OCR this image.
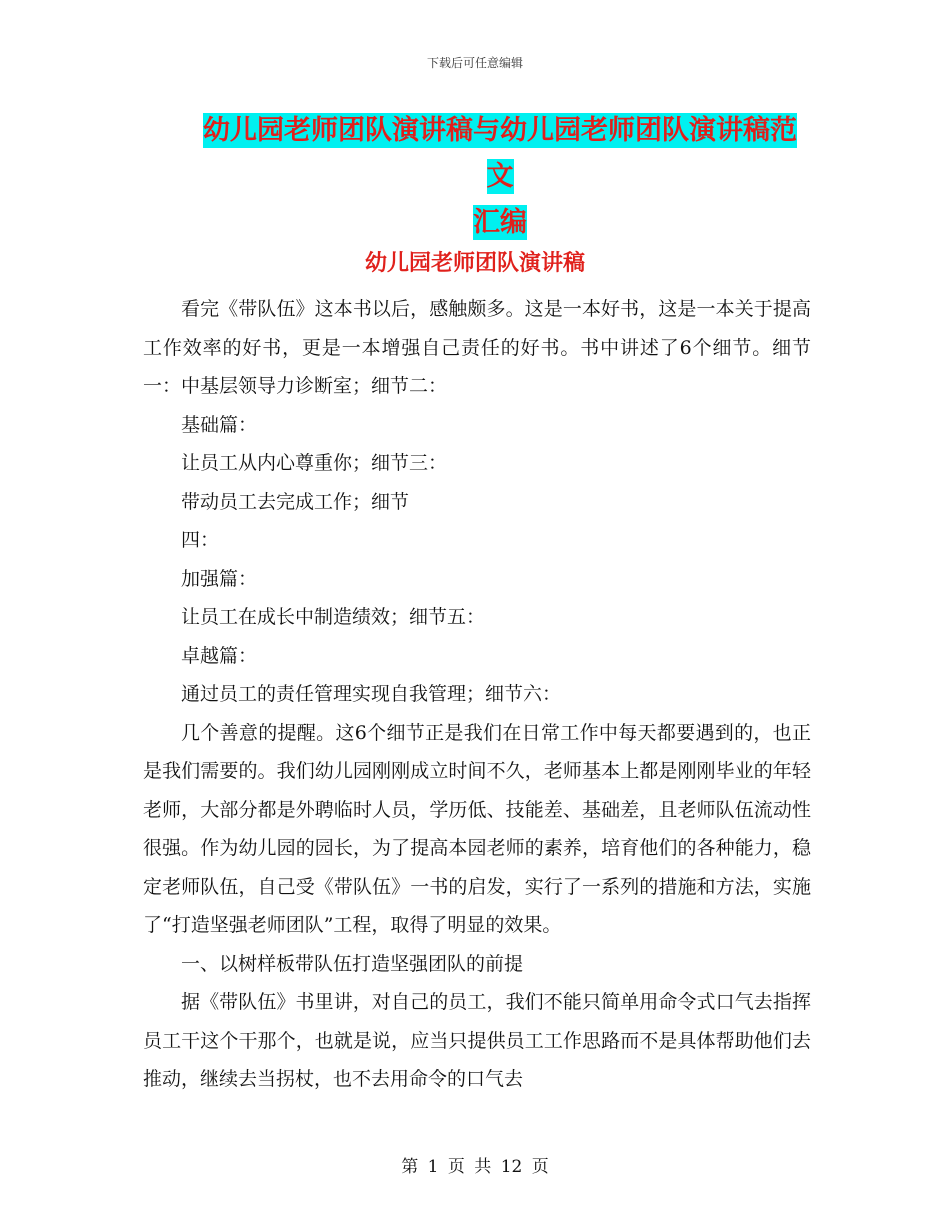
下载后可任意编辑
幼儿园老师团队演讲稿与幼儿园老师团队演讲稿范文
汇编
幼儿园老师团队演讲稿

看完《带队伍》这本书以后，感触颇多。这是一本好书，这是一本关于提高工作效率的好书，更是一本增强自己责任的好书。书中讲述了6个细节。细节一：中基层领导力诊断室；细节二：

基础篇：

让员工从内心尊重你；细节三：

带动员工去完成工作；细节

四：

加强篇：

让员工在成长中制造绩效；细节五：

卓越篇：

通过员工的责任管理实现自我管理；细节六：

几个善意的提醒。这6个细节正是我们在日常工作中每天都要遇到的，也正是我们需要的。我们幼儿园刚刚成立时间不久，老师基本上都是刚刚毕业的年轻老师，大部分都是外聘临时人员，学历低、技能差、基础差，且老师队伍流动性很强。作为幼儿园的园长，为了提高本园老师的素养，培育他们的各种能力，稳定老师队伍，自己受《带队伍》一书的启发，实行了一系列的措施和方法，实施了“打造坚强老师团队”工程，取得了明显的效果。

一、以树样板带队伍打造坚强团队的前提

据《带队伍》书里讲，对自己的员工，我们不能只简单用命令式口气去指挥员工干这个干那个，也就是说，应当只提供员工工作思路而不是具体帮助他们去推动，继续去当拐杖，也不去用命令的口气去

第 1 页 共 12 页
